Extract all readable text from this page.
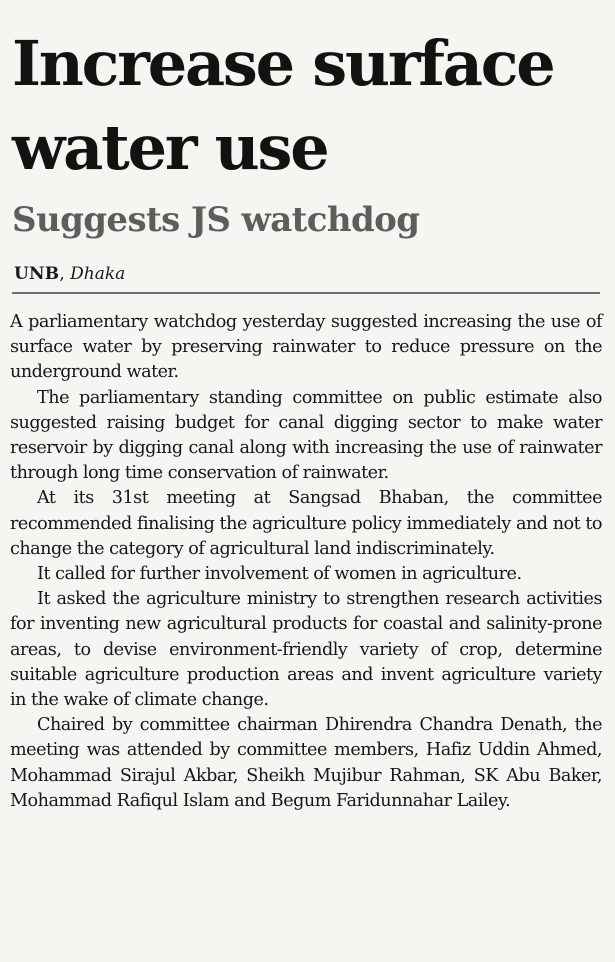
Increase surface water use
Suggests JS watchdog
UNB, Dhaka

A parliamentary watchdog yesterday suggested increasing the use of surface water by preserving rainwater to reduce pressure on the underground water.

The parliamentary standing committee on public estimate also suggested raising budget for canal digging sector to make water reservoir by digging canal along with increasing the use of rainwater through long time conservation of rainwater.

At its 31st meeting at Sangsad Bhaban, the committee recommended finalising the agriculture policy immediately and not to change the category of agricultural land indiscriminately.

It called for further involvement of women in agriculture.

It asked the agriculture ministry to strengthen research activities for inventing new agricultural products for coastal and salinity-prone areas, to devise environment-friendly variety of crop, determine suitable agriculture production areas and invent agriculture variety in the wake of climate change.

Chaired by committee chairman Dhirendra Chandra Denath, the meeting was attended by committee members, Hafiz Uddin Ahmed, Mohammad Sirajul Akbar, Sheikh Mujibur Rahman, SK Abu Baker, Mohammad Rafiqul Islam and Begum Faridunnahar Lailey.
